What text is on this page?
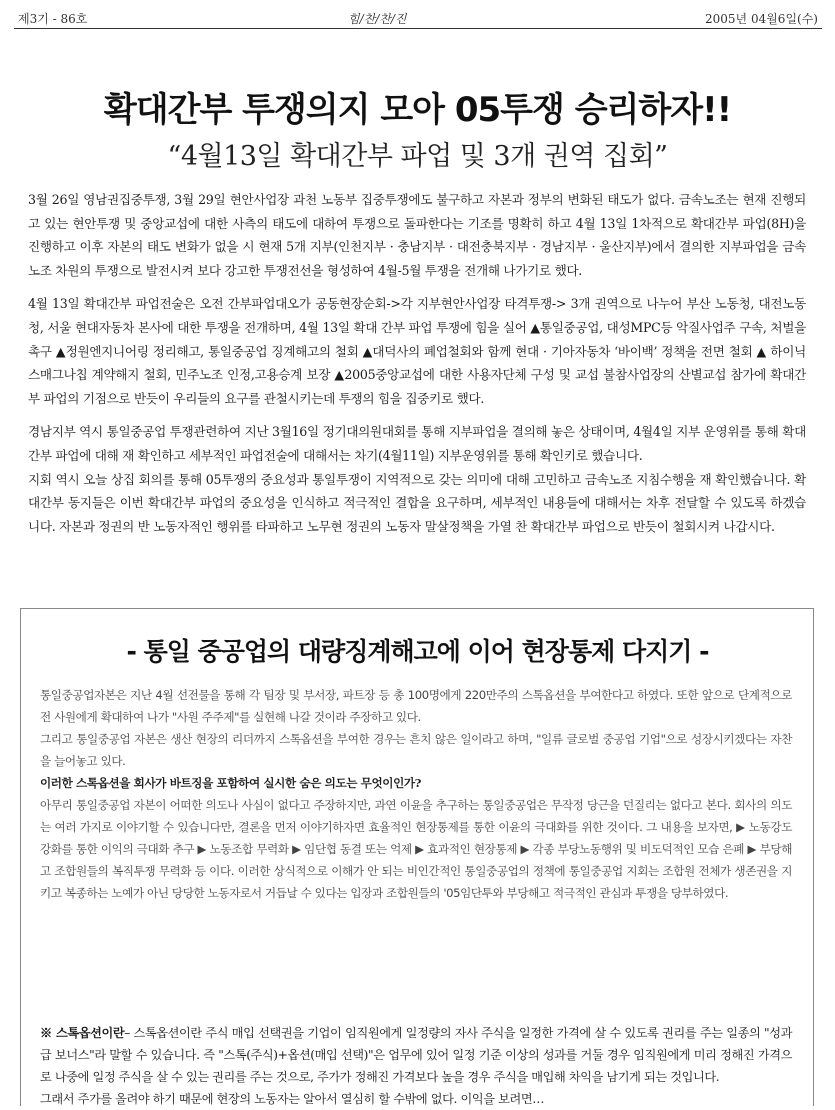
제3기 - 86호	힘/찬/찬/진	2005년 04월6일(수)
확대간부 투쟁의지 모아 05투쟁 승리하자!!
“4월13일 확대간부 파업 및 3개 권역 집회”

3월 26일 영남권집중투쟁, 3월 29일 현안사업장 과천 노동부 집중투쟁에도 불구하고 자본과 정부의 변화된 태도가 없다. 금속노조는 현재 진행되고 있는 현안투쟁 및 중앙교섭에 대한 사측의 태도에 대하여 투쟁으로 돌파한다는 기조를 명확히 하고 4월 13일 1차적으로 확대간부 파업(8H)을 진행하고 이후 자본의 태도 변화가 없을 시 현재 5개 지부(인천지부 · 충남지부 · 대전충북지부 · 경남지부 · 울산지부)에서 결의한 지부파업을 금속노조 차원의 투쟁으로 발전시켜 보다 강고한 투쟁전선을 형성하여 4월-5월 투쟁을 전개해 나가기로 했다.

4월 13일 확대간부 파업전술은 오전 간부파업대오가 공동현장순회->각 지부현안사업장 타격투쟁-> 3개 권역으로 나누어 부산 노동청, 대전노동청, 서울 현대자동차 본사에 대한 투쟁을 전개하며, 4월 13일 확대 간부 파업 투쟁에 힘을 실어 ▲통일중공업, 대성MPC등 악질사업주 구속, 처벌을 촉구 ▲정원엔지니어링 정리해고, 통일중공업 징계해고의 철회 ▲대덕사의 폐업철회와 함께 현대 · 기아자동차 ‘바이백’ 정책을 전면 철회 ▲ 하이닉스매그나칩 계약해지 철회, 민주노조 인정,고용승계 보장 ▲2005중앙교섭에 대한 사용자단체 구성 및 교섭 불참사업장의 산별교섭 참가에 확대간부 파업의 기점으로 반듯이 우리들의 요구를 관철시키는데 투쟁의 힘을 집중키로 했다.

경남지부 역시 통일중공업 투쟁관련하여 지난 3월16일 정기대의원대회를 통해 지부파업을 결의해 놓은 상태이며, 4월4일 지부 운영위를 통해 확대간부 파업에 대해 재 확인하고 세부적인 파업전술에 대해서는 차기(4월11일) 지부운영위를 통해 확인키로 했습니다.

지회 역시 오늘 상집 회의를 통해 05투쟁의 중요성과 통일투쟁이 지역적으로 갖는 의미에 대해 고민하고 금속노조 지침수행을 재 확인했습니다. 확대간부 동지들은 이번 확대간부 파업의 중요성을 인식하고 적극적인 결합을 요구하며, 세부적인 내용들에 대해서는 차후 전달할 수 있도록 하겠습니다. 자본과 정권의 반 노동자적인 행위를 타파하고 노무현 정권의 노동자 말살정책을 가열 찬 확대간부 파업으로 반듯이 철회시켜 나갑시다.

- 통일 중공업의 대량징계해고에 이어 현장통제 다지기 -

통일중공업자본은 지난 4월 선전물을 통해 각 팀장 및 부서장, 파트장 등 총 100명에게 220만주의 스톡옵션을 부여한다고 하였다. 또한 앞으로 단계적으로 전 사원에게 확대하여 나가 "사원 주주제"를 실현해 나갈 것이라 주장하고 있다.

그리고 통일중공업 자본은 생산 현장의 리더까지 스톡옵션을 부여한 경우는 흔치 않은 일이라고 하며, "일류 글로벌 중공업 기업"으로 성장시키겠다는 자찬을 늘어놓고 있다.

이러한 스톡옵션을 회사가 바트징을 포함하여 실시한 숨은 의도는 무엇이인가?

아무리 통일중공업 자본이 어떠한 의도나 사심이 없다고 주장하지만, 과연 이윤을 추구하는 통일중공업은 무작정 당근을 던질리는 없다고 본다. 회사의 의도는 여러 가지로 이야기할 수 있습니다만, 결론을 먼저 이야기하자면 효율적인 현장통제를 통한 이윤의 극대화를 위한 것이다. 그 내용을 보자면, ▶ 노동강도 강화를 통한 이익의 극대화 추구 ▶ 노동조합 무력화 ▶ 임단협 동결 또는 억제 ▶ 효과적인 현장통제 ▶ 각종 부당노동행위 및 비도덕적인 모습 은폐 ▶ 부당해고 조합원들의 복직투쟁 무력화 등 이다. 이러한 상식적으로 이해가 안 되는 비인간적인 통일중공업의 정책에 통일중공업 지회는 조합원 전체가 생존권을 지키고 복종하는 노예가 아닌 당당한 노동자로서 거듭날 수 있다는 입장과 조합원들의 '05임단투와 부당해고 적극적인 관심과 투쟁을 당부하였다.

※ 스톡옵션이란– 스톡옵션이란 주식 매입 선택권을 기업이 임직원에게 일정량의 자사 주식을 일정한 가격에 살 수 있도록 권리를 주는 일종의 "성과급 보너스"라 말할 수 있습니다. 즉 "스톡(주식)+옵션(매입 선택)"은 업무에 있어 일정 기준 이상의 성과를 거둘 경우 임직원에게 미리 정해진 가격으로 나중에 일정 주식을 살 수 있는 권리를 주는 것으로, 주가가 정해진 가격보다 높을 경우 주식을 매입해 차익을 남기게 되는 것입니다.

그래서 주가를 올려야 하기 때문에 현장의 노동자는 알아서 열심히 할 수밖에 없다. 이익을 보려면…
